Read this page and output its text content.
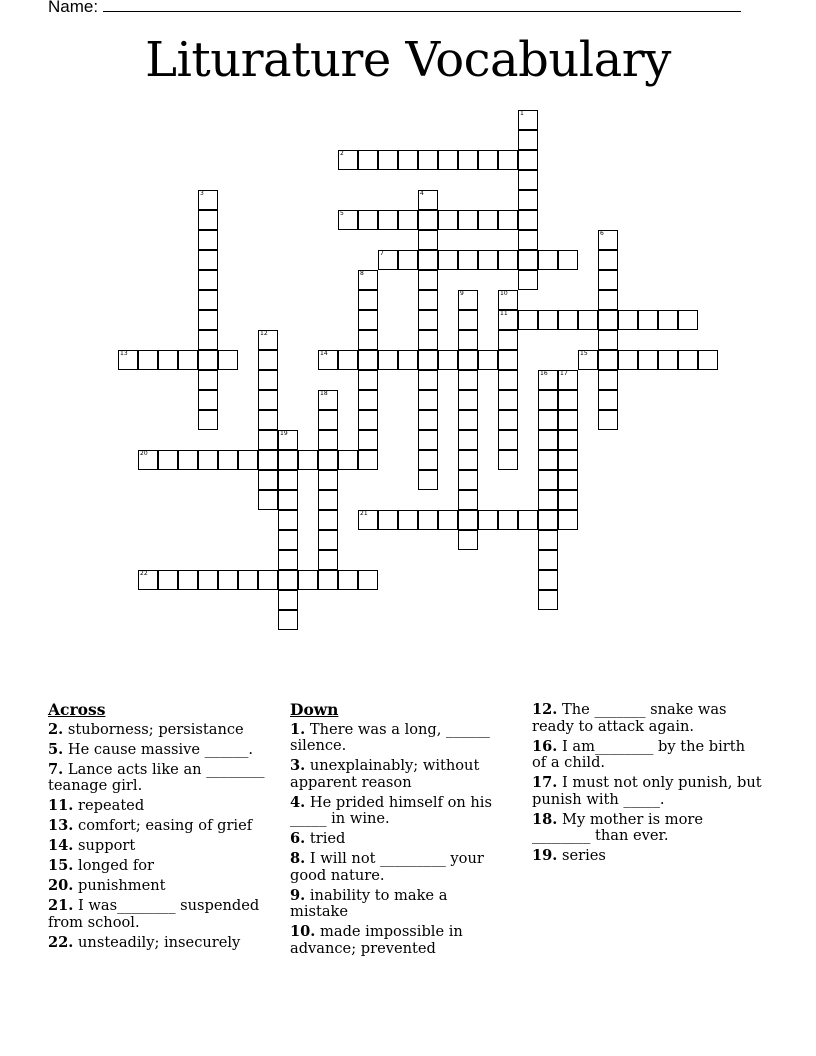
Name:
Liturature Vocabulary
1
2
3	4
5
6
7
8
9	10
11
12
13	14	15
16 17
18
19
20
21
22
Across
2. stuborness; persistance
5. He cause massive ______.
7. Lance acts like an ________ teanage girl.
11. repeated
13. comfort; easing of grief
14. support
15. longed for
20. punishment
21. I was________ suspended from school.
22. unsteadily; insecurely
Down
1. There was a long, ______ silence.
3. unexplainably; without apparent reason
4. He prided himself on his _____ in wine.
6. tried
8. I will not _________ your good nature.
9. inability to make a mistake
10. made impossible in advance; prevented
12. The _______ snake was ready to attack again.
16. I am________ by the birth of a child.
17. I must not only punish, but punish with _____.
18. My mother is more ________ than ever.
19. series
